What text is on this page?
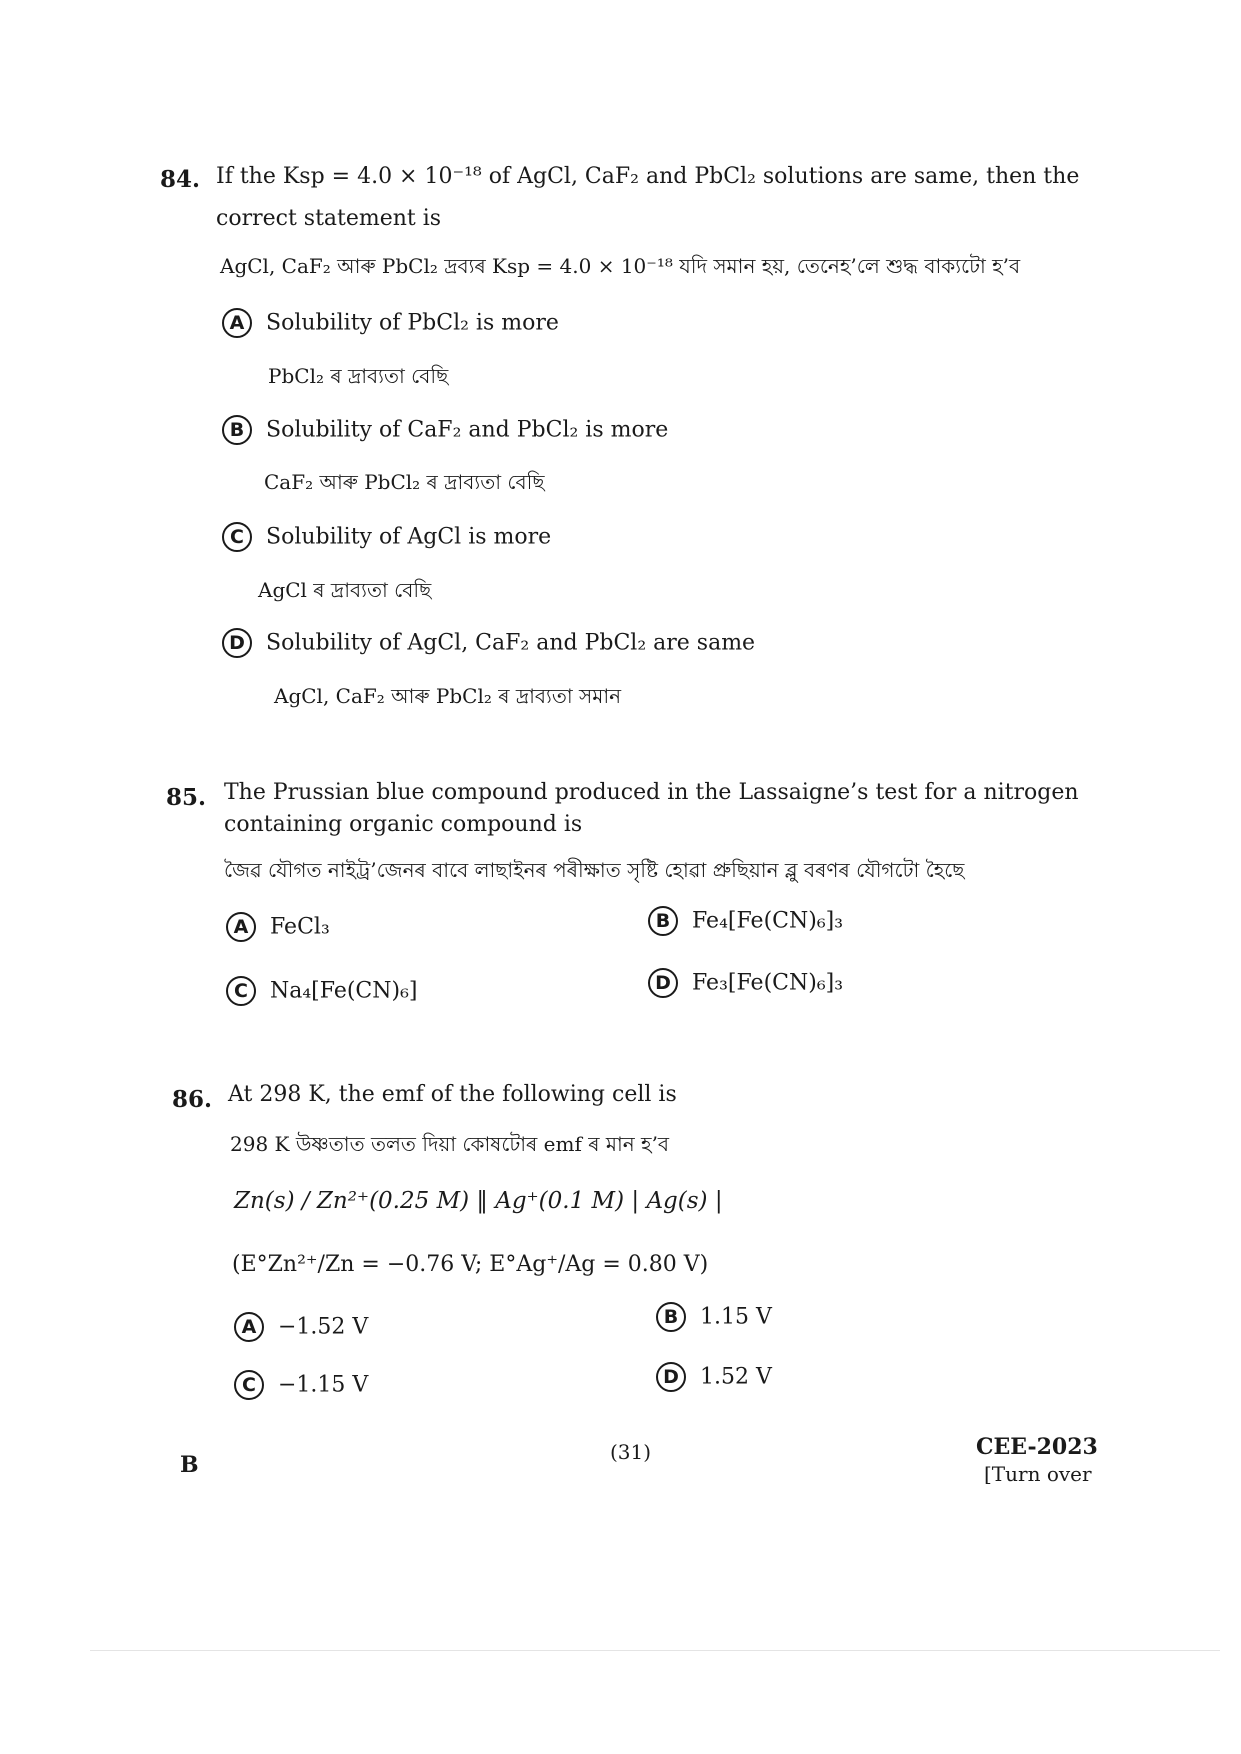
84. If the Ksp = 4.0 × 10⁻¹⁸ of AgCl, CaF₂ and PbCl₂ solutions are same, then the
correct statement is
AgCl, CaF₂ আৰু PbCl₂ দ্ৰব্যৰ Ksp = 4.0 × 10⁻¹⁸ যদি সমান হয়, তেনেহ’লে শুদ্ধ বাক্যটো হ’ব
A Solubility of PbCl₂ is more
PbCl₂ ৰ দ্ৰাব্যতা বেছি
B Solubility of CaF₂ and PbCl₂ is more
CaF₂ আৰু PbCl₂ ৰ দ্ৰাব্যতা বেছি
C Solubility of AgCl is more
AgCl ৰ দ্ৰাব্যতা বেছি
D Solubility of AgCl, CaF₂ and PbCl₂ are same
AgCl, CaF₂ আৰু PbCl₂ ৰ দ্ৰাব্যতা সমান
85. The Prussian blue compound produced in the Lassaigne’s test for a nitrogen
containing organic compound is
জৈৱ যৌগত নাইট্ৰ’জেনৰ বাবে লাছাইনৰ পৰীক্ষাত সৃষ্টি হোৱা প্ৰুছিয়ান ব্লু বৰণৰ যৌগটো হৈছে
A FeCl₃	B Fe₄[Fe(CN)₆]₃
C Na₄[Fe(CN)₆]	D Fe₃[Fe(CN)₆]₃
86. At 298 K, the emf of the following cell is
298 K উষ্ণতাত তলত দিয়া কোষটোৰ emf ৰ মান হ’ব
Zn(s) / Zn²⁺(0.25 M) ‖ Ag⁺(0.1 M) | Ag(s) |
(E°Zn²⁺/Zn = −0.76 V; E°Ag⁺/Ag = 0.80 V)
A −1.52 V	B 1.15 V
C −1.15 V	D 1.52 V
B	(31)	CEE-2023
[Turn over
